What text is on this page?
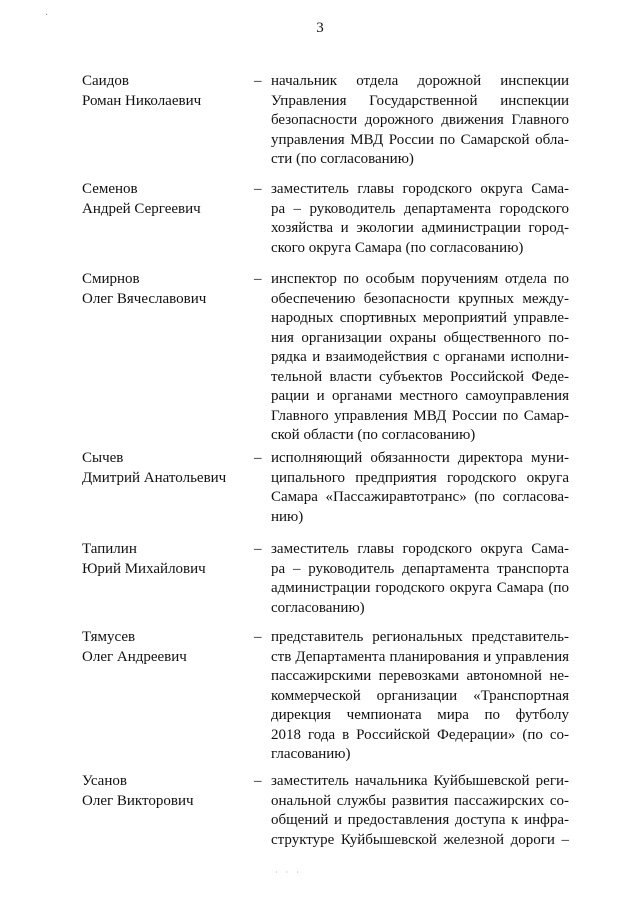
·
3
Саидов
Роман Николаевич
– начальник отдела дорожной инспекции
Управления Государственной инспекции
безопасности дорожного движения Главного
управления МВД России по Самарской обла-
сти (по согласованию)
Семенов
Андрей Сергеевич
– заместитель главы городского округа Сама-
ра – руководитель департамента городского
хозяйства и экологии администрации город-
ского округа Самара (по согласованию)
Смирнов
Олег Вячеславович
– инспектор по особым поручениям отдела по
обеспечению безопасности крупных между-
народных спортивных мероприятий управле-
ния организации охраны общественного по-
рядка и взаимодействия с органами исполни-
тельной власти субъектов Российской Феде-
рации и органами местного самоуправления
Главного управления МВД России по Самар-
ской области (по согласованию)
Сычев
Дмитрий Анатольевич
– исполняющий обязанности директора муни-
ципального предприятия городского округа
Самара «Пассажиравтотранс» (по согласова-
нию)
Тапилин
Юрий Михайлович
– заместитель главы городского округа Сама-
ра – руководитель департамента транспорта
администрации городского округа Самара (по
согласованию)
Тямусев
Олег Андреевич
– представитель региональных представитель-
ств Департамента планирования и управления
пассажирскими перевозками автономной не-
коммерческой организации «Транспортная
дирекция чемпионата мира по футболу
2018 года в Российской Федерации» (по со-
гласованию)
Усанов
Олег Викторович
– заместитель начальника Куйбышевской реги-
ональной службы развития пассажирских со-
общений и предоставления доступа к инфра-
структуре Куйбышевской железной дороги –
· · ·
